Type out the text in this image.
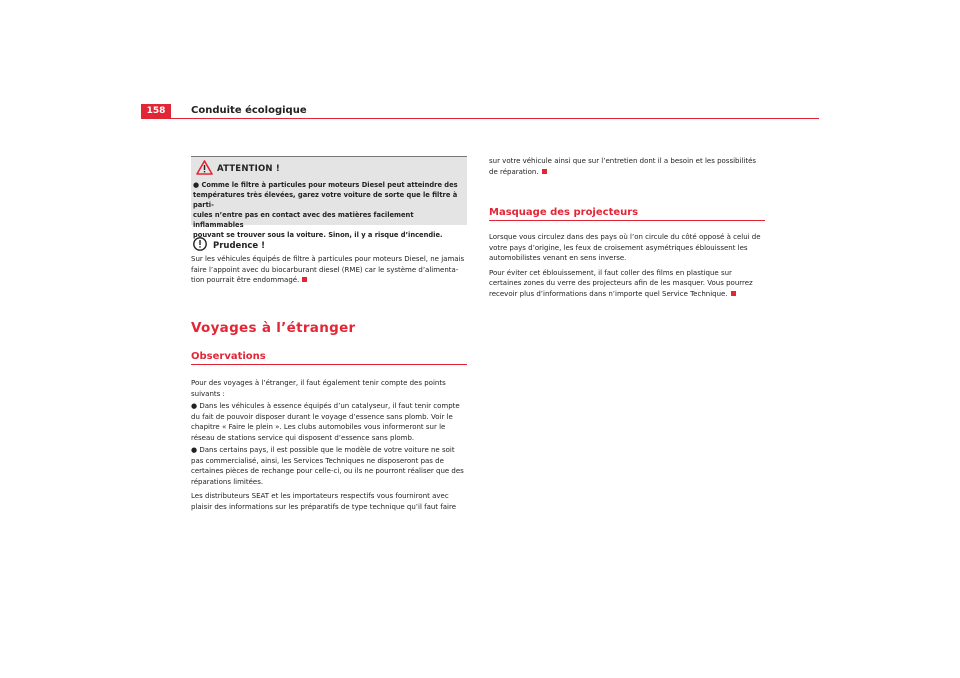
158	Conduite écologique
ATTENTION !
● Comme le filtre à particules pour moteurs Diesel peut atteindre des
températures très élevées, garez votre voiture de sorte que le filtre à parti-
cules n’entre pas en contact avec des matières facilement inflammables
pouvant se trouver sous la voiture. Sinon, il y a risque d’incendie.
Prudence !
Sur les véhicules équipés de filtre à particules pour moteurs Diesel, ne jamais
faire l’appoint avec du biocarburant diesel (RME) car le système d’alimenta-
tion pourrait être endommagé.
Voyages à l’étranger
Observations
Pour des voyages à l’étranger, il faut également tenir compte des points
suivants :
● Dans les véhicules à essence équipés d’un catalyseur, il faut tenir compte
du fait de pouvoir disposer durant le voyage d’essence sans plomb. Voir le
chapitre « Faire le plein ». Les clubs automobiles vous informeront sur le
réseau de stations service qui disposent d’essence sans plomb.
● Dans certains pays, il est possible que le modèle de votre voiture ne soit
pas commercialisé, ainsi, les Services Techniques ne disposeront pas de
certaines pièces de rechange pour celle-ci, ou ils ne pourront réaliser que des
réparations limitées.
Les distributeurs SEAT et les importateurs respectifs vous fourniront avec
plaisir des informations sur les préparatifs de type technique qu’il faut faire
sur votre véhicule ainsi que sur l’entretien dont il a besoin et les possibilités
de réparation.
Masquage des projecteurs
Lorsque vous circulez dans des pays où l’on circule du côté opposé à celui de
votre pays d’origine, les feux de croisement asymétriques éblouissent les
automobilistes venant en sens inverse.
Pour éviter cet éblouissement, il faut coller des films en plastique sur
certaines zones du verre des projecteurs afin de les masquer. Vous pourrez
recevoir plus d’informations dans n’importe quel Service Technique.
